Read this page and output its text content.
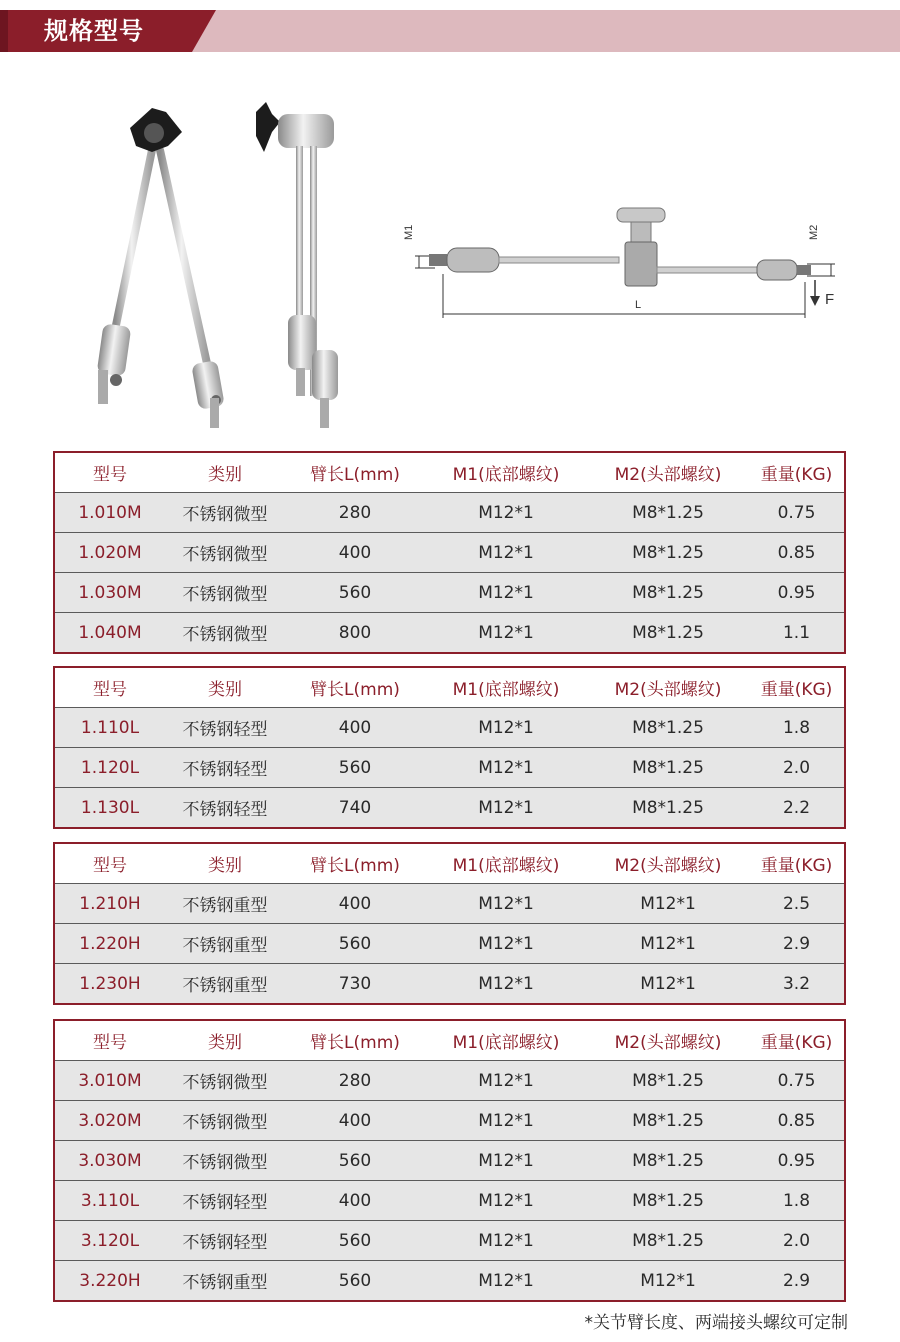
规格型号
M1	M2
F
L
型号	类别	臂长L(mm)	M1(底部螺纹)	M2(头部螺纹)	重量(KG)
1.010M	不锈钢微型	280	M12*1	M8*1.25	0.75
1.020M	不锈钢微型	400	M12*1	M8*1.25	0.85
1.030M	不锈钢微型	560	M12*1	M8*1.25	0.95
1.040M	不锈钢微型	800	M12*1	M8*1.25	1.1
型号	类别	臂长L(mm)	M1(底部螺纹)	M2(头部螺纹)	重量(KG)
1.110L	不锈钢轻型	400	M12*1	M8*1.25	1.8
1.120L	不锈钢轻型	560	M12*1	M8*1.25	2.0
1.130L	不锈钢轻型	740	M12*1	M8*1.25	2.2
型号	类别	臂长L(mm)	M1(底部螺纹)	M2(头部螺纹)	重量(KG)
1.210H	不锈钢重型	400	M12*1	M12*1	2.5
1.220H	不锈钢重型	560	M12*1	M12*1	2.9
1.230H	不锈钢重型	730	M12*1	M12*1	3.2
型号	类别	臂长L(mm)	M1(底部螺纹)	M2(头部螺纹)	重量(KG)
3.010M	不锈钢微型	280	M12*1	M8*1.25	0.75
3.020M	不锈钢微型	400	M12*1	M8*1.25	0.85
3.030M	不锈钢微型	560	M12*1	M8*1.25	0.95
3.110L	不锈钢轻型	400	M12*1	M8*1.25	1.8
3.120L	不锈钢轻型	560	M12*1	M8*1.25	2.0
3.220H	不锈钢重型	560	M12*1	M12*1	2.9
*关节臂长度、两端接头螺纹可定制
